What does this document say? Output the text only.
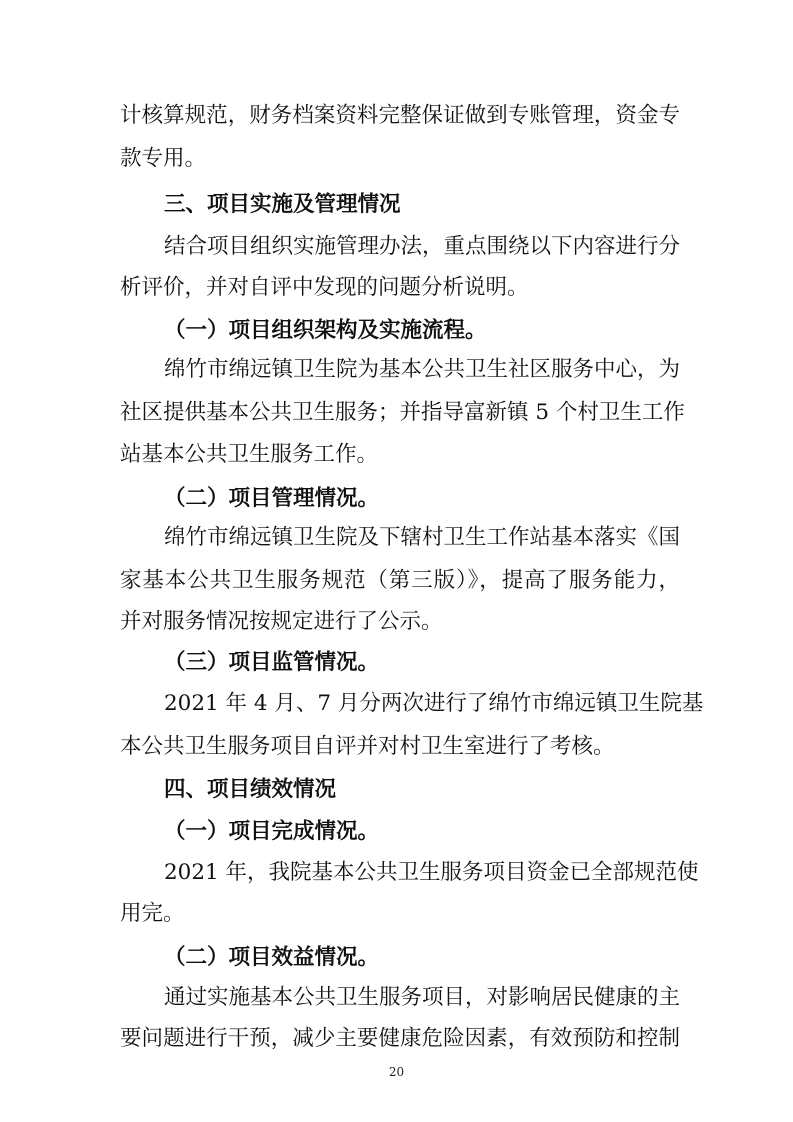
计核算规范，财务档案资料完整保证做到专账管理，资金专
款专用。
三、项目实施及管理情况
结合项目组织实施管理办法，重点围绕以下内容进行分
析评价，并对自评中发现的问题分析说明。
（一）项目组织架构及实施流程。
绵竹市绵远镇卫生院为基本公共卫生社区服务中心，为
社区提供基本公共卫生服务；并指导富新镇 5 个村卫生工作
站基本公共卫生服务工作。
（二）项目管理情况。
绵竹市绵远镇卫生院及下辖村卫生工作站基本落实《国
家基本公共卫生服务规范（第三版）》，提高了服务能力，
并对服务情况按规定进行了公示。
（三）项目监管情况。
2021 年 4 月、7 月分两次进行了绵竹市绵远镇卫生院基
本公共卫生服务项目自评并对村卫生室进行了考核。
四、项目绩效情况
（一）项目完成情况。
2021 年，我院基本公共卫生服务项目资金已全部规范使
用完。
（二）项目效益情况。
通过实施基本公共卫生服务项目，对影响居民健康的主
要问题进行干预，减少主要健康危险因素，有效预防和控制
20
